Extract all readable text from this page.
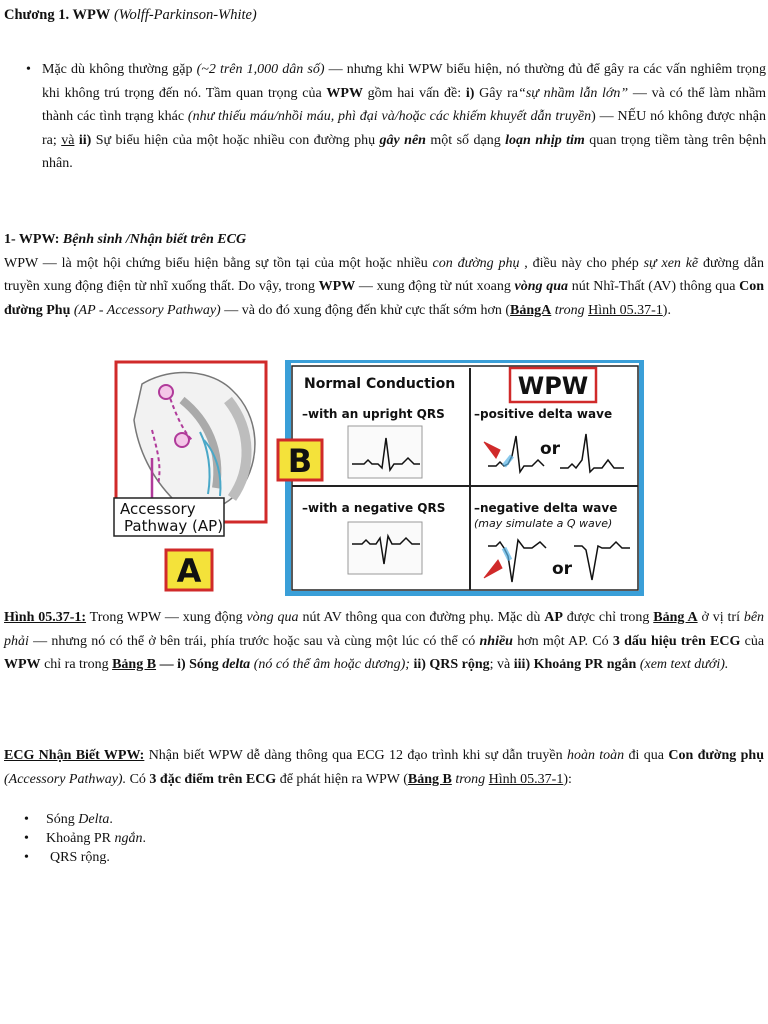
Chương 1. WPW (Wolff-Parkinson-White)
• Mặc dù không thường gặp (~2 trên 1,000 dân số) — nhưng khi WPW biểu hiện, nó thường đủ để gây ra các vấn nghiêm trọng khi không trú trọng đến nó. Tầm quan trọng của WPW gồm hai vấn đề: i) Gây ra“sự nhầm lẫn lớn” — và có thể làm nhầm thành các tình trạng khác (như thiếu máu/nhồi máu, phì đại và/hoặc các khiếm khuyết dẫn truyền) — NẾU nó không được nhận ra; và ii) Sự biểu hiện của một hoặc nhiều con đường phụ gây nên một số dạng loạn nhịp tim quan trọng tiềm tàng trên bệnh nhân.
1- WPW: Bệnh sinh /Nhận biết trên ECG
WPW — là một hội chứng biểu hiện bằng sự tồn tại của một hoặc nhiều con đường phụ , điều này cho phép sự xen kẽ đường dẫn truyền xung động điện từ nhĩ xuống thất. Do vậy, trong WPW — xung động từ nút xoang vòng qua nút Nhĩ-Thất (AV) thông qua Con đường Phụ (AP - Accessory Pathway) — và do đó xung động đến khử cực thất sớm hơn (BảngA trong Hình 05.37-1).
Accessory
Pathway (AP)
A
B
Normal Conduction	WPW
–with an upright QRS –positive delta wave
–with a negative QRS –negative delta wave
(may simulate a Q wave)
or
or
Hình 05.37-1: Trong WPW — xung động vòng qua nút AV thông qua con đường phụ. Mặc dù AP được chỉ trong Bảng A ở vị trí bên phải — nhưng nó có thể ở bên trái, phía trước hoặc sau và cùng một lúc có thể có nhiều hơn một AP. Có 3 dấu hiệu trên ECG của WPW chỉ ra trong Bảng B — i) Sóng delta (nó có thể âm hoặc dương); ii) QRS rộng; và iii) Khoảng PR ngắn (xem text dưới).
ECG Nhận Biết WPW: Nhận biết WPW dễ dàng thông qua ECG 12 đạo trình khi sự dẫn truyền hoàn toàn đi qua Con đường phụ (Accessory Pathway). Có 3 đặc điểm trên ECG để phát hiện ra WPW (Bảng B trong Hình 05.37-1):
• Sóng Delta.
• Khoảng PR ngắn.
• QRS rộng.
